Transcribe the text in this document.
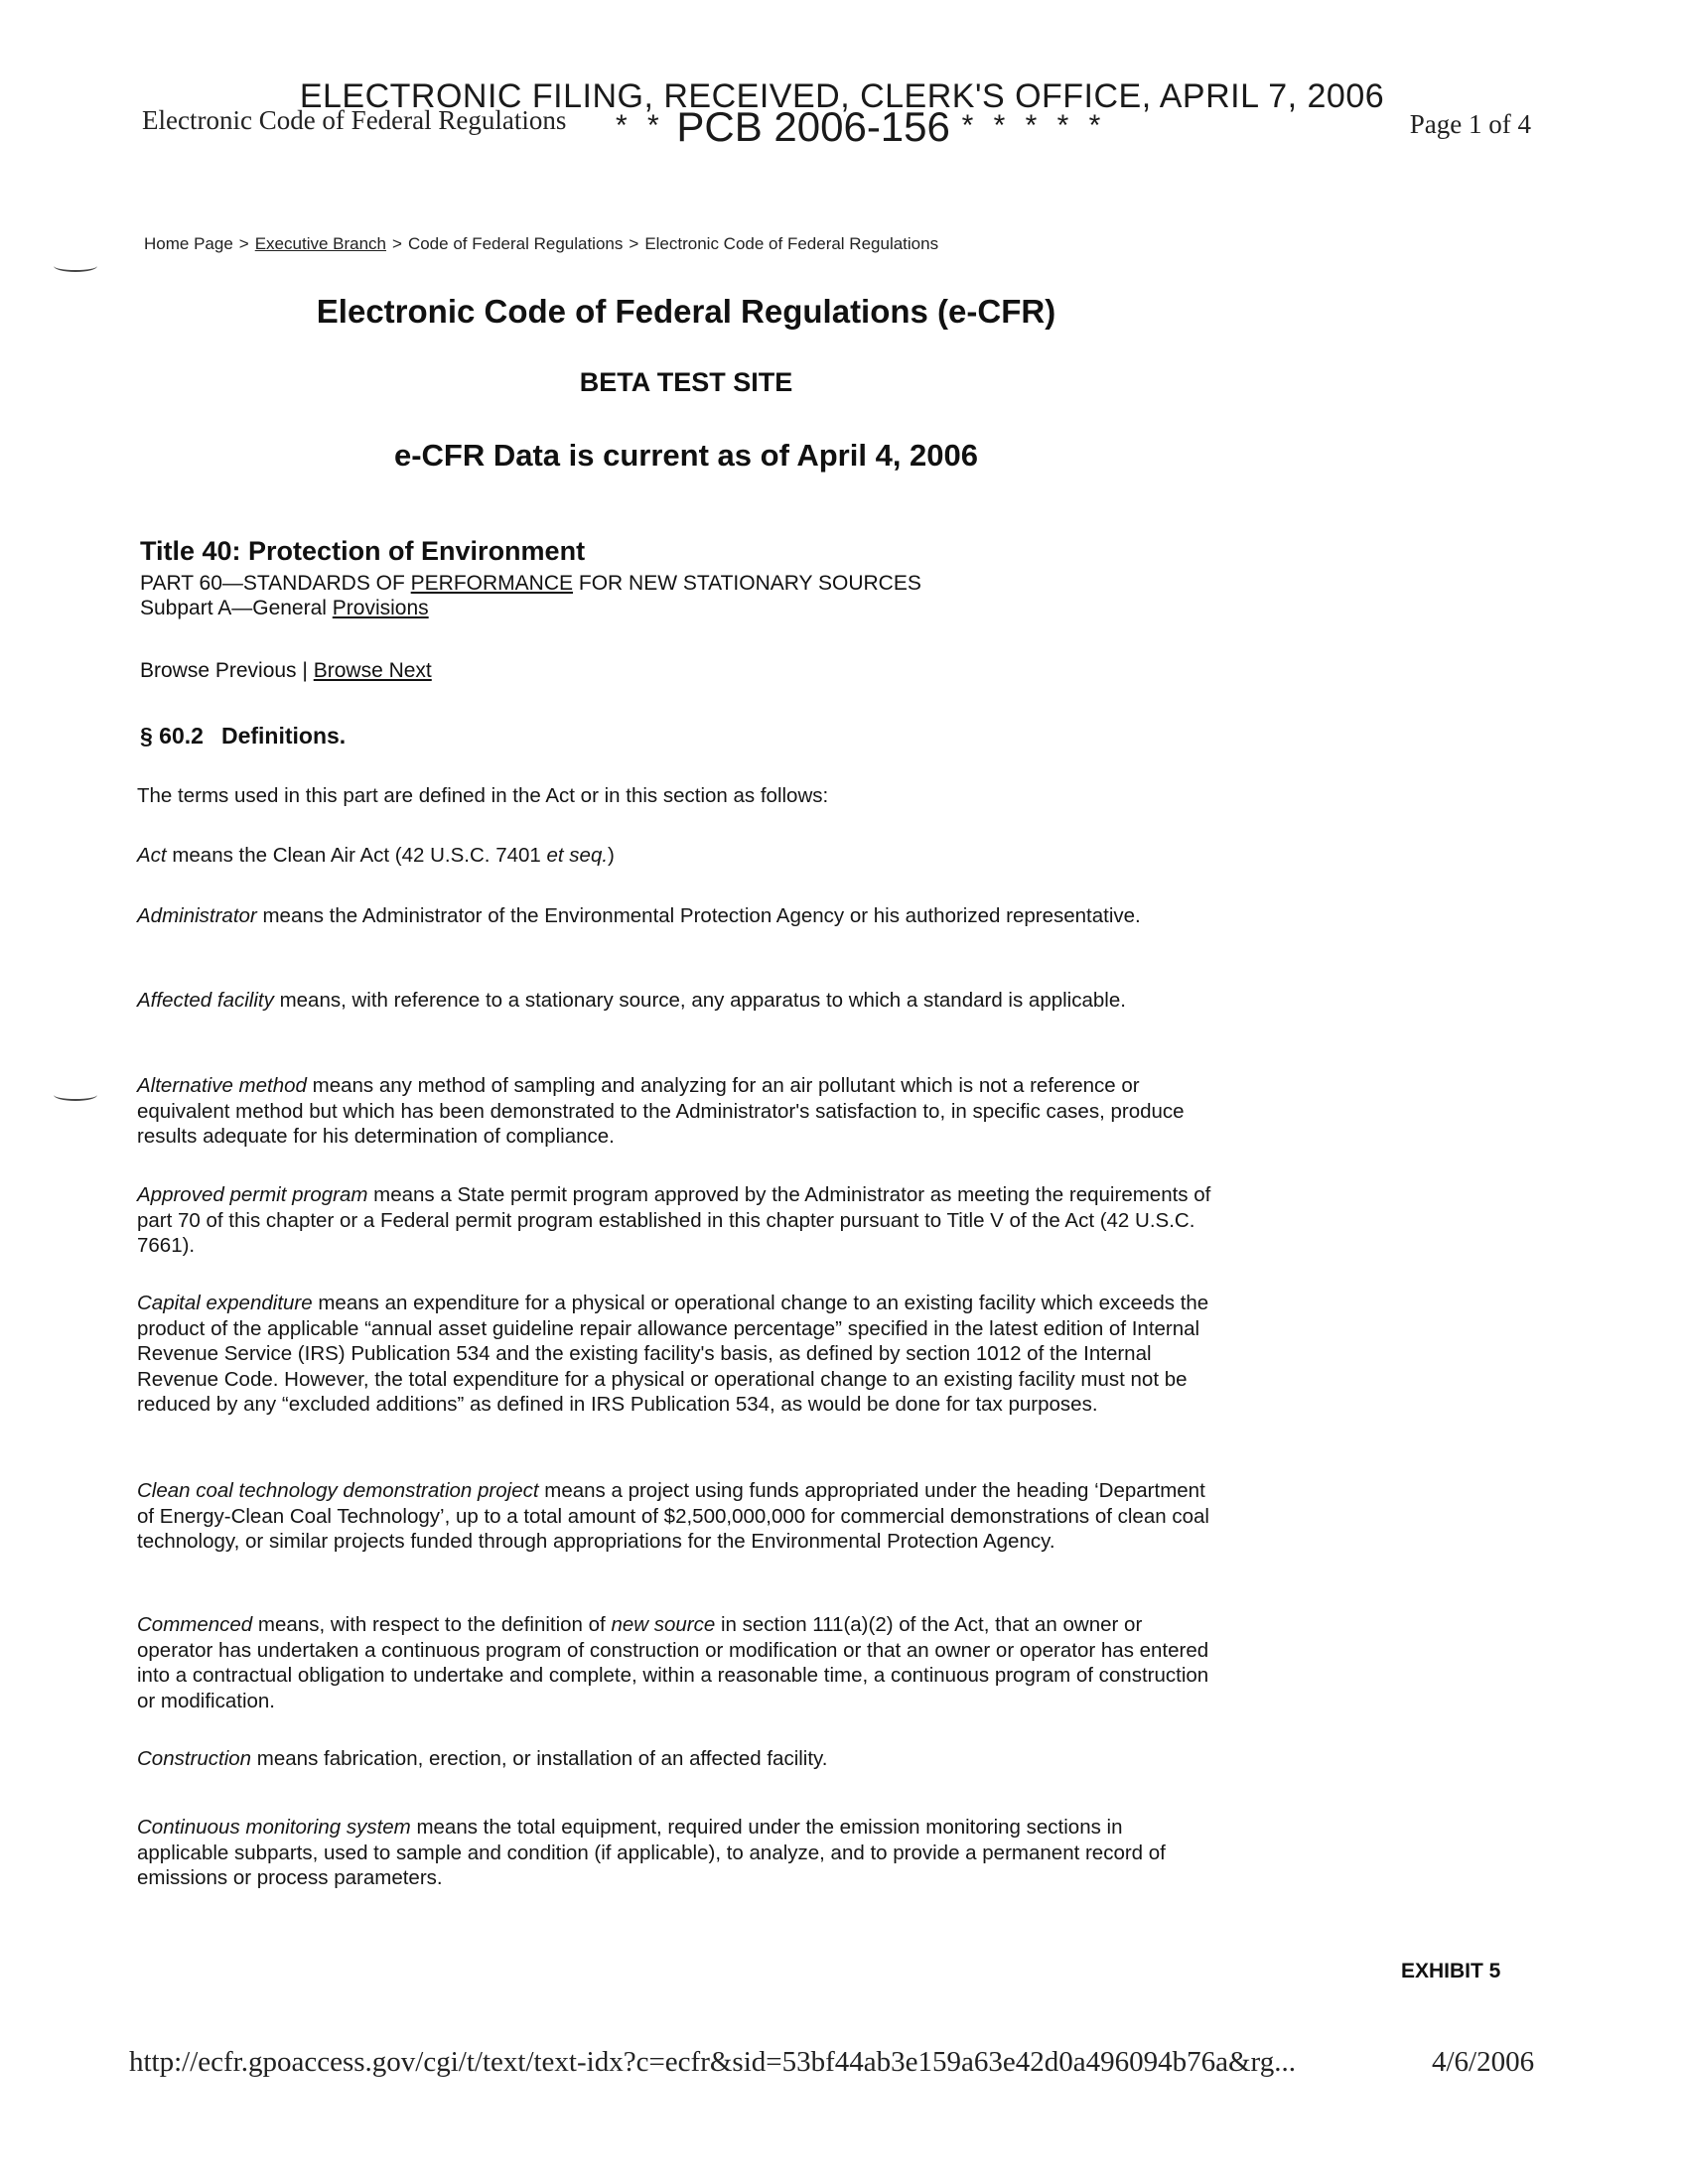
ELECTRONIC FILING, RECEIVED, CLERK'S OFFICE, APRIL 7, 2006
Electronic Code of Federal Regulations * * PCB 2006-156 * * * * *	Page 1 of 4
Home Page > Executive Branch > Code of Federal Regulations > Electronic Code of Federal Regulations
Electronic Code of Federal Regulations (e-CFR)
BETA TEST SITE
e-CFR Data is current as of April 4, 2006
Title 40: Protection of Environment
PART 60—STANDARDS OF PERFORMANCE FOR NEW STATIONARY SOURCES
Subpart A—General Provisions
Browse Previous | Browse Next
§ 60.2 Definitions.
The terms used in this part are defined in the Act or in this section as follows:
Act means the Clean Air Act (42 U.S.C. 7401 et seq.)
Administrator means the Administrator of the Environmental Protection Agency or his authorized representative.
Affected facility means, with reference to a stationary source, any apparatus to which a standard is applicable.
Alternative method means any method of sampling and analyzing for an air pollutant which is not a reference or equivalent method but which has been demonstrated to the Administrator's satisfaction to, in specific cases, produce results adequate for his determination of compliance.
Approved permit program means a State permit program approved by the Administrator as meeting the requirements of part 70 of this chapter or a Federal permit program established in this chapter pursuant to Title V of the Act (42 U.S.C. 7661).
Capital expenditure means an expenditure for a physical or operational change to an existing facility which exceeds the product of the applicable “annual asset guideline repair allowance percentage” specified in the latest edition of Internal Revenue Service (IRS) Publication 534 and the existing facility's basis, as defined by section 1012 of the Internal Revenue Code. However, the total expenditure for a physical or operational change to an existing facility must not be reduced by any “excluded additions” as defined in IRS Publication 534, as would be done for tax purposes.
Clean coal technology demonstration project means a project using funds appropriated under the heading ‘Department of Energy-Clean Coal Technology’, up to a total amount of $2,500,000,000 for commercial demonstrations of clean coal technology, or similar projects funded through appropriations for the Environmental Protection Agency.
Commenced means, with respect to the definition of new source in section 111(a)(2) of the Act, that an owner or operator has undertaken a continuous program of construction or modification or that an owner or operator has entered into a contractual obligation to undertake and complete, within a reasonable time, a continuous program of construction or modification.
Construction means fabrication, erection, or installation of an affected facility.
Continuous monitoring system means the total equipment, required under the emission monitoring sections in applicable subparts, used to sample and condition (if applicable), to analyze, and to provide a permanent record of emissions or process parameters.
EXHIBIT 5
http://ecfr.gpoaccess.gov/cgi/t/text/text-idx?c=ecfr&sid=53bf44ab3e159a63e42d0a496094b76a&rg...	4/6/2006
